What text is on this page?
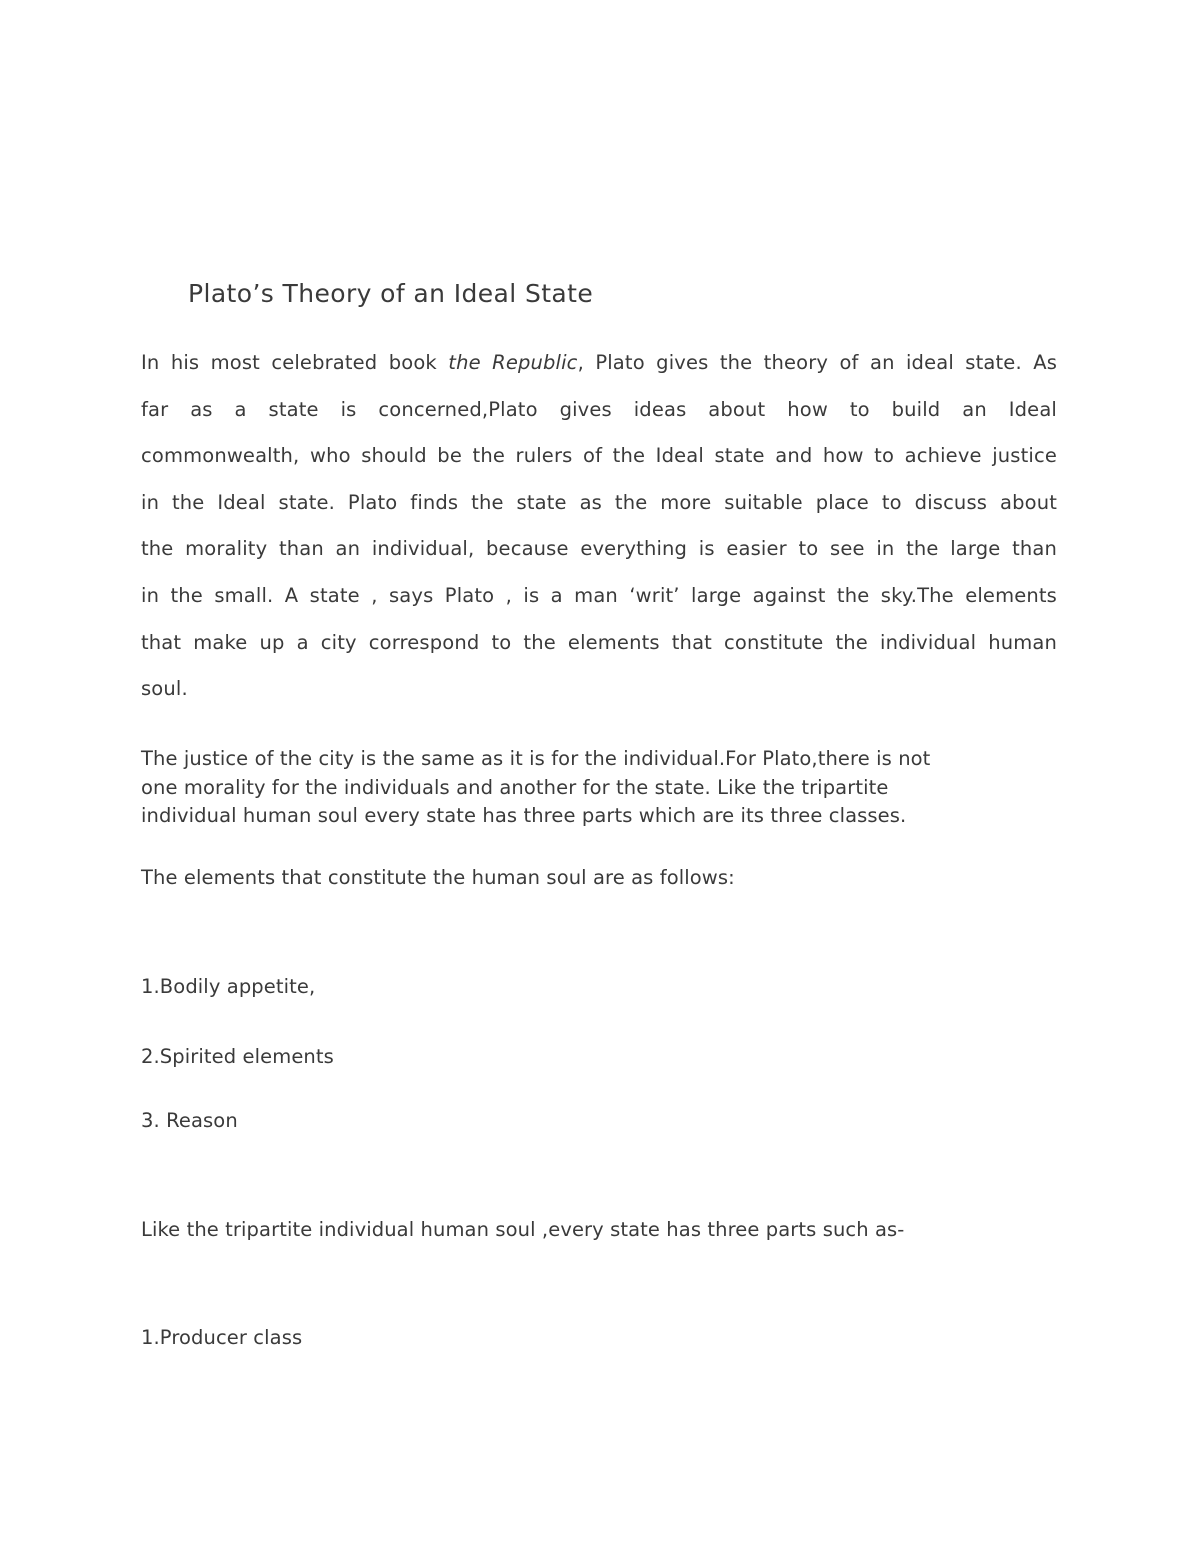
Plato’s Theory of an Ideal State
In his most celebrated book the Republic, Plato gives the theory of an ideal state. As
far as a state is concerned,Plato gives ideas about how to build an Ideal
commonwealth, who should be the rulers of the Ideal state and how to achieve justice
in the Ideal state. Plato finds the state as the more suitable place to discuss about
the morality than an individual, because everything is easier to see in the large than
in the small. A state , says Plato , is a man ‘writ’ large against the sky.The elements
that make up a city correspond to the elements that constitute the individual human
soul.
The justice of the city is the same as it is for the individual.For Plato,there is not
one morality for the individuals and another for the state. Like the tripartite
individual human soul every state has three parts which are its three classes.
The elements that constitute the human soul are as follows:
1.Bodily appetite,
2.Spirited elements
3. Reason
Like the tripartite individual human soul ,every state has three parts such as-
1.Producer class
